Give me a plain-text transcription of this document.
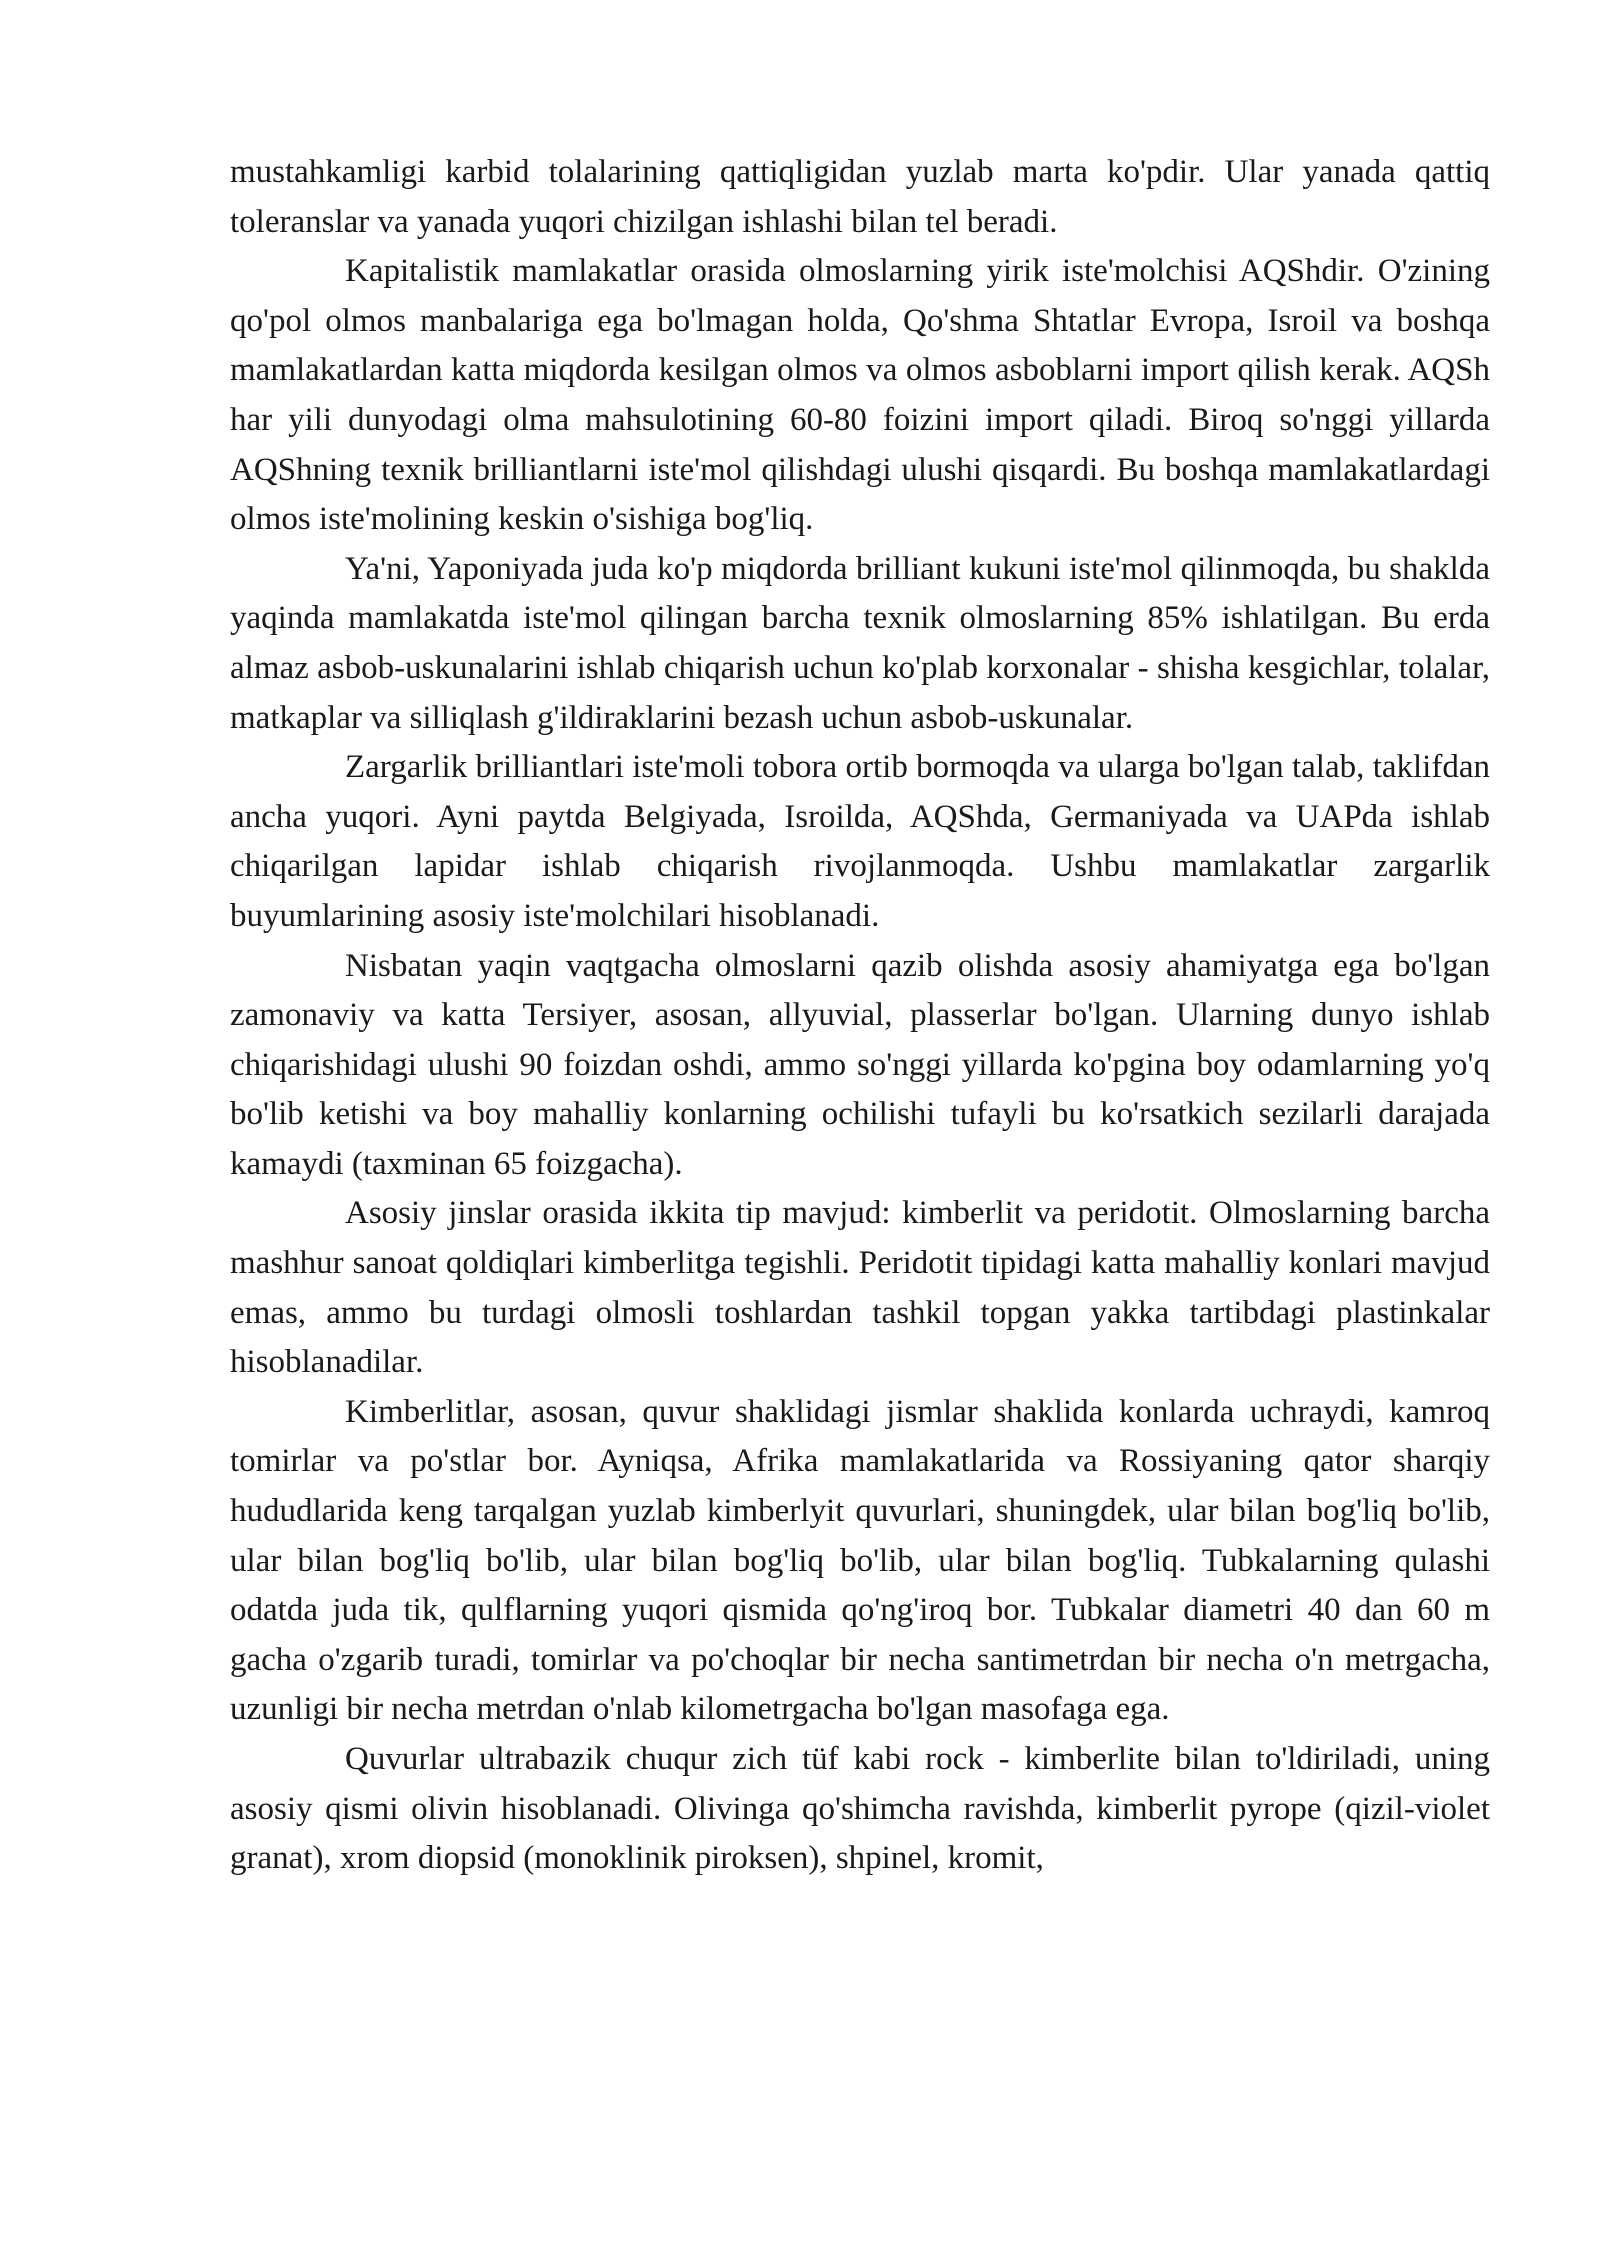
mustahkamligi karbid tolalarining qattiqligidan yuzlab marta ko'pdir. Ular yanada qattiq toleranslar va yanada yuqori chizilgan ishlashi bilan tel beradi.

Kapitalistik mamlakatlar orasida olmoslarning yirik iste'molchisi AQShdir. O'zining qo'pol olmos manbalariga ega bo'lmagan holda, Qo'shma Shtatlar Evropa, Isroil va boshqa mamlakatlardan katta miqdorda kesilgan olmos va olmos asboblarni import qilish kerak. AQSh har yili dunyodagi olma mahsulotining 60-80 foizini import qiladi. Biroq so'nggi yillarda AQShning texnik brilliantlarni iste'mol qilishdagi ulushi qisqardi. Bu boshqa mamlakatlardagi olmos iste'molining keskin o'sishiga bog'liq.

Ya'ni, Yaponiyada juda ko'p miqdorda brilliant kukuni iste'mol qilinmoqda, bu shaklda yaqinda mamlakatda iste'mol qilingan barcha texnik olmoslarning 85% ishlatilgan. Bu erda almaz asbob-uskunalarini ishlab chiqarish uchun ko'plab korxonalar - shisha kesgichlar, tolalar, matkaplar va silliqlash g'ildiraklarini bezash uchun asbob-uskunalar.

Zargarlik brilliantlari iste'moli tobora ortib bormoqda va ularga bo'lgan talab, taklifdan ancha yuqori. Ayni paytda Belgiyada, Isroilda, AQShda, Germaniyada va UAPda ishlab chiqarilgan lapidar ishlab chiqarish rivojlanmoqda. Ushbu mamlakatlar zargarlik buyumlarining asosiy iste'molchilari hisoblanadi.

Nisbatan yaqin vaqtgacha olmoslarni qazib olishda asosiy ahamiyatga ega bo'lgan zamonaviy va katta Tersiyer, asosan, allyuvial, plasserlar bo'lgan. Ularning dunyo ishlab chiqarishidagi ulushi 90 foizdan oshdi, ammo so'nggi yillarda ko'pgina boy odamlarning yo'q bo'lib ketishi va boy mahalliy konlarning ochilishi tufayli bu ko'rsatkich sezilarli darajada kamaydi (taxminan 65 foizgacha).

Asosiy jinslar orasida ikkita tip mavjud: kimberlit va peridotit. Olmoslarning barcha mashhur sanoat qoldiqlari kimberlitga tegishli. Peridotit tipidagi katta mahalliy konlari mavjud emas, ammo bu turdagi olmosli toshlardan tashkil topgan yakka tartibdagi plastinkalar hisoblanadilar.

Kimberlitlar, asosan, quvur shaklidagi jismlar shaklida konlarda uchraydi, kamroq tomirlar va po'stlar bor. Ayniqsa, Afrika mamlakatlarida va Rossiyaning qator sharqiy hududlarida keng tarqalgan yuzlab kimberlyit quvurlari, shuningdek, ular bilan bog'liq bo'lib, ular bilan bog'liq bo'lib, ular bilan bog'liq bo'lib, ular bilan bog'liq. Tubkalarning qulashi odatda juda tik, qulflarning yuqori qismida qo'ng'iroq bor. Tubkalar diametri 40 dan 60 m gacha o'zgarib turadi, tomirlar va po'choqlar bir necha santimetrdan bir necha o'n metrgacha, uzunligi bir necha metrdan o'nlab kilometrgacha bo'lgan masofaga ega.

Quvurlar ultrabazik chuqur zich tüf kabi rock - kimberlite bilan to'ldiriladi, uning asosiy qismi olivin hisoblanadi. Olivinga qo'shimcha ravishda, kimberlit pyrope (qizil-violet granat), xrom diopsid (monoklinik piroksen), shpinel, kromit,
